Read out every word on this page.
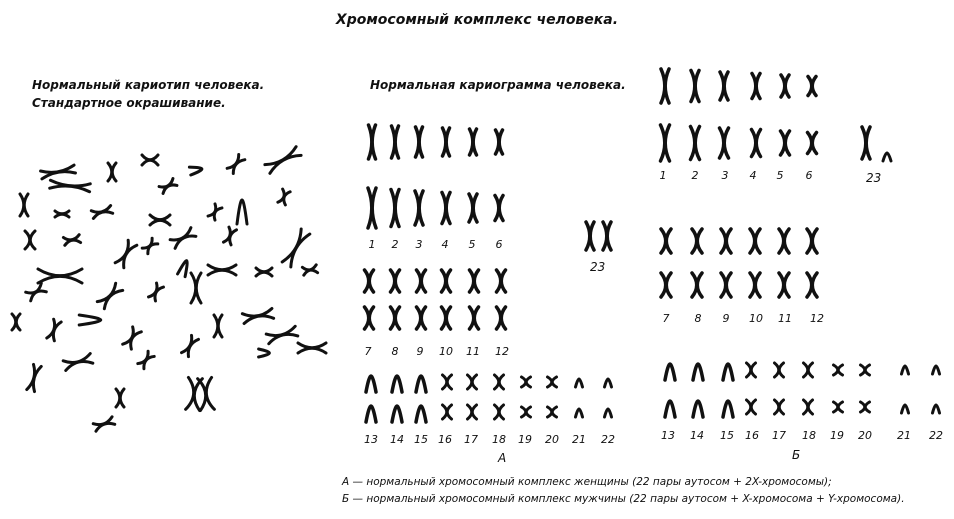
Хромосомный комплекс человека.
Нормальный кариотип человека.
Стандартное окрашивание.
Нормальная кариограмма человека.
1	2	3	4	5	6
7	8	9	10	11	12
13	14 15 16	17	18	19	20	21	22
23
А
1	2	3	4	5	6
7	8	9	10	11	12
13	14	15	16	17	18	19	20	21	22
23
Б
А — нормальный хромосомный комплекс женщины (22 пары аутосом + 2X-хромосомы);
Б — нормальный хромосомный комплекс мужчины (22 пары аутосом + X-хромосома + Y-хромосома).
